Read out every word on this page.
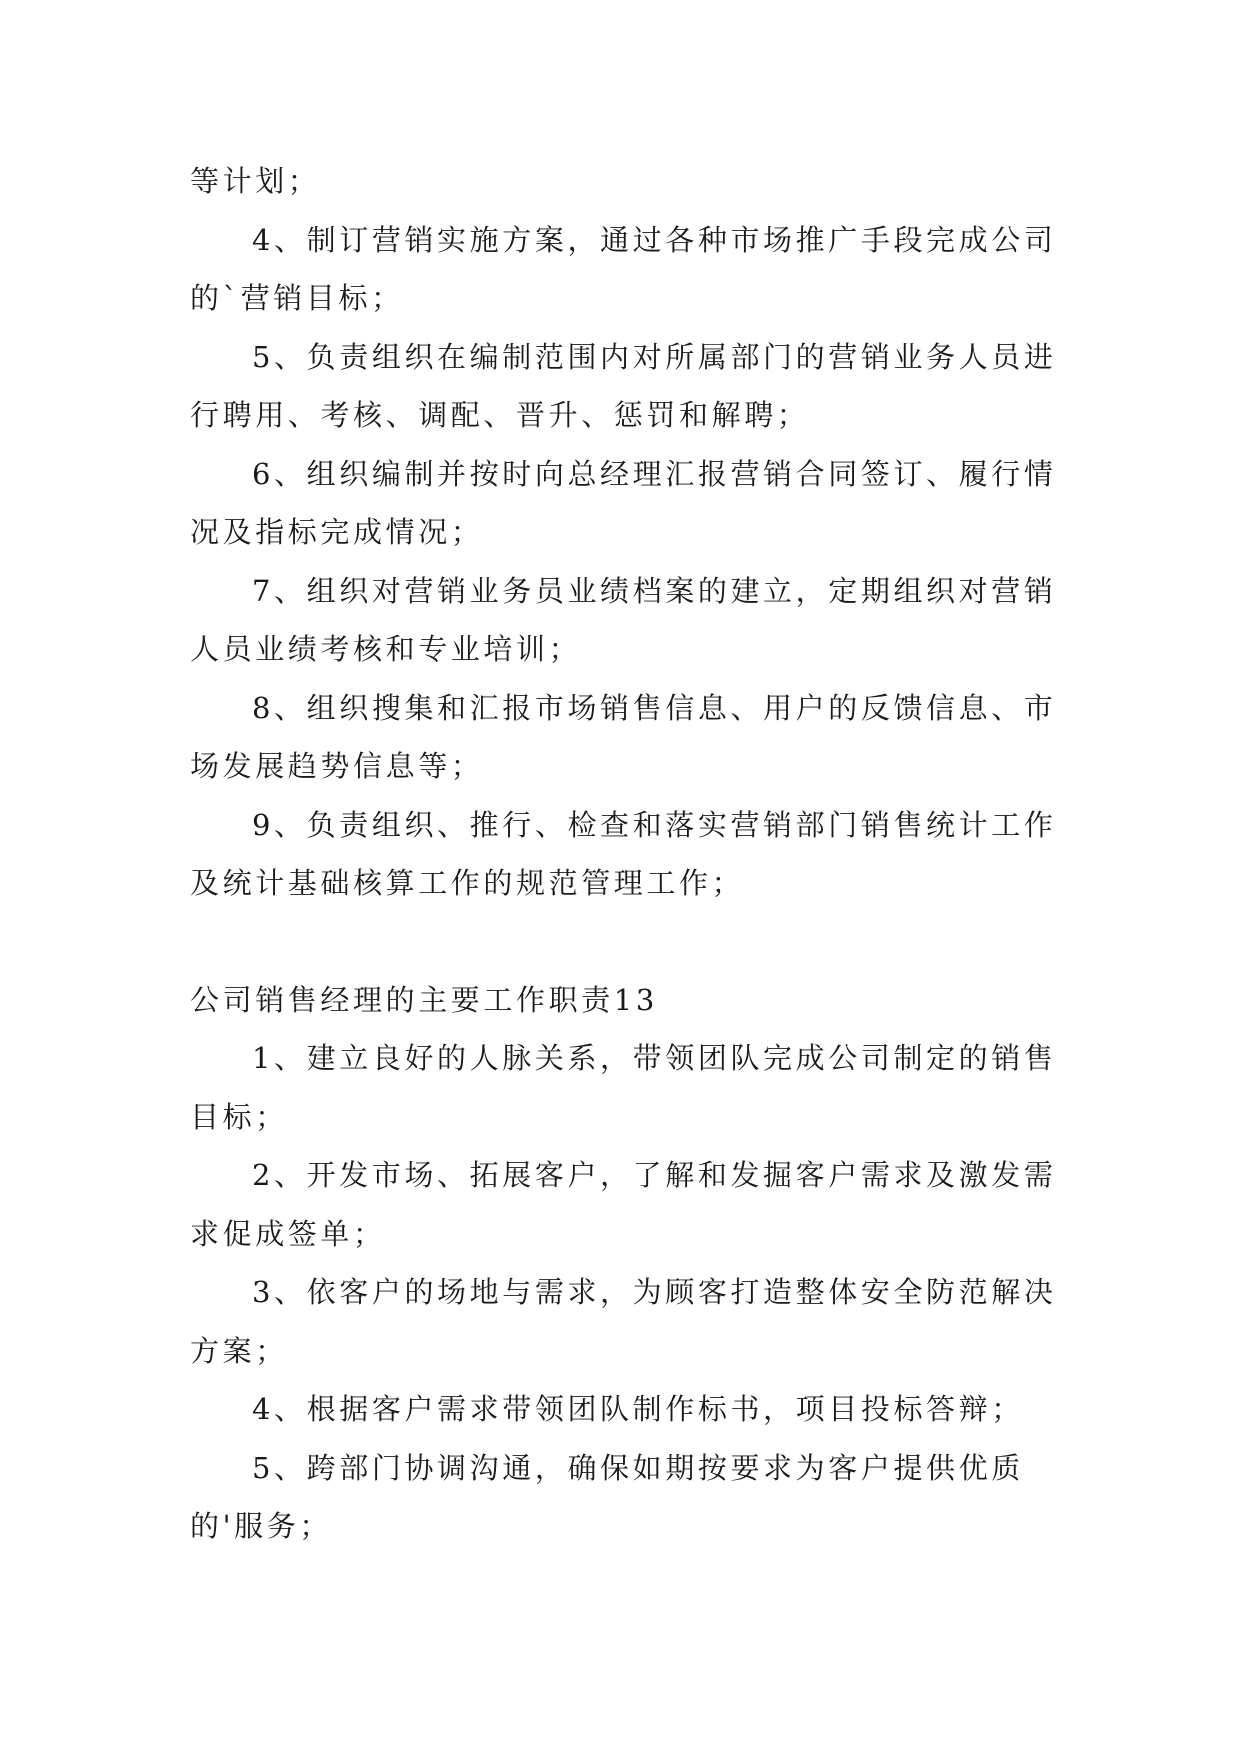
等计划；

4、制订营销实施方案，通过各种市场推广手段完成公司的`营销目标；

5、负责组织在编制范围内对所属部门的营销业务人员进行聘用、考核、调配、晋升、惩罚和解聘；

6、组织编制并按时向总经理汇报营销合同签订、履行情况及指标完成情况；

7、组织对营销业务员业绩档案的建立，定期组织对营销人员业绩考核和专业培训；

8、组织搜集和汇报市场销售信息、用户的反馈信息、市场发展趋势信息等；

9、负责组织、推行、检查和落实营销部门销售统计工作及统计基础核算工作的规范管理工作；

公司销售经理的主要工作职责13

1、建立良好的人脉关系，带领团队完成公司制定的销售目标；

2、开发市场、拓展客户，了解和发掘客户需求及激发需求促成签单；

3、依客户的场地与需求，为顾客打造整体安全防范解决方案；

4、根据客户需求带领团队制作标书，项目投标答辩；

5、跨部门协调沟通，确保如期按要求为客户提供优质的'服务；
